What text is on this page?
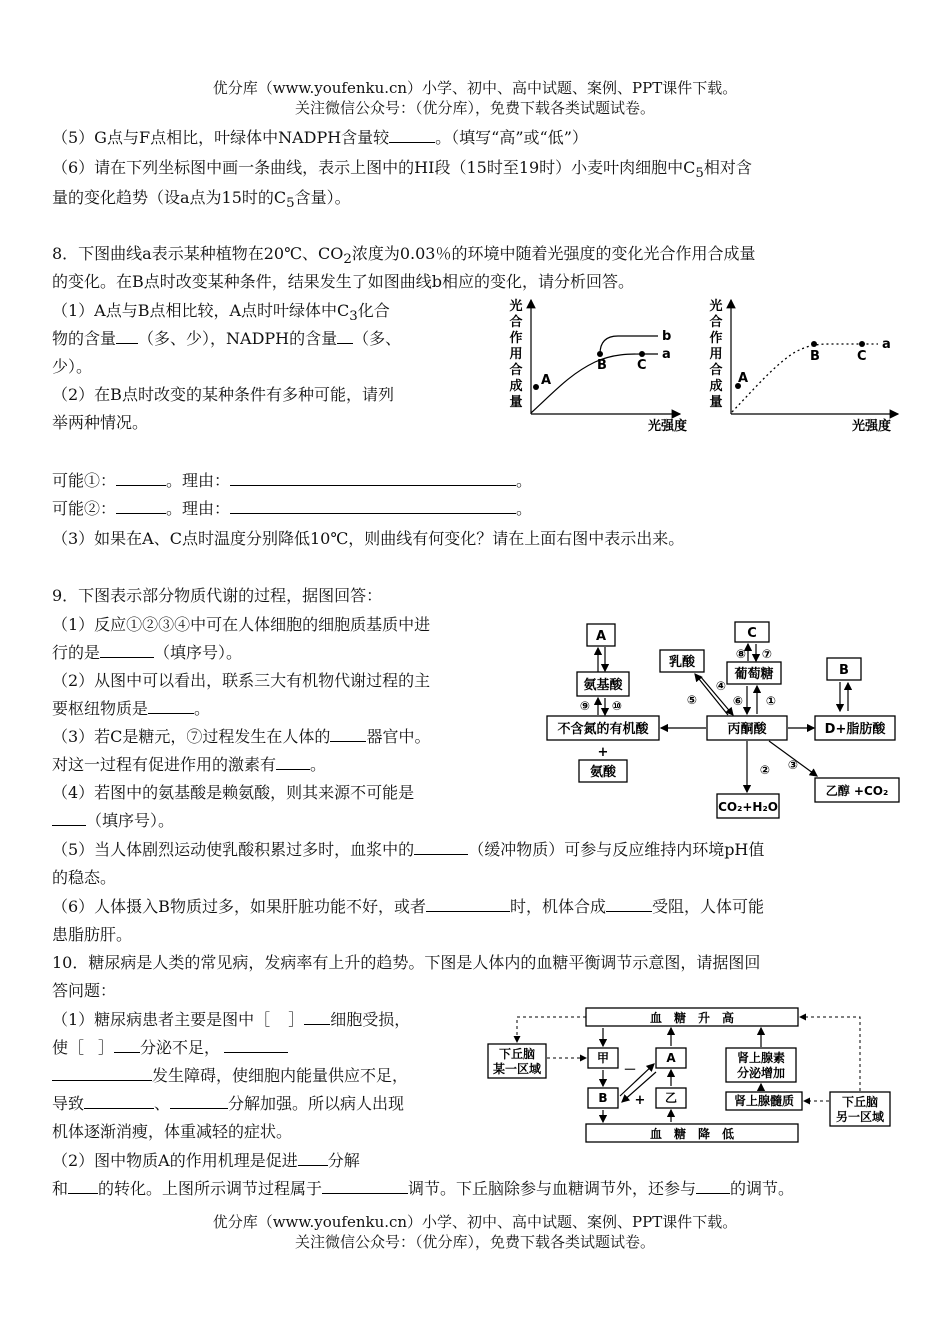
优分库（www.youfenku.cn）小学、初中、高中试题、案例、PPT课件下载。
关注微信公众号：（优分库），免费下载各类试题试卷。
（5）G点与F点相比，叶绿体中NADPH含量较	。（填写“高”或“低”）
（6）请在下列坐标图中画一条曲线，表示上图中的HI段（15时至19时）小麦叶肉细胞中$C_5$相对含
量的变化趋势（设a点为15时的$C_5$含量）。
8．下图曲线a表示某种植物在20℃、$CO_2$浓度为0.03％的环境中随着光强度的变化光合作用合成量
的变化。在B点时改变某种条件，结果发生了如图曲线b相应的变化，请分析回答。
（1）A点与B点相比较，A点时叶绿体中$C_3$化合
物的含量 （多、少），NADPH的含量 （多、
少）。
（2）在B点时改变的某种条件有多种可能，请列
举两种情况。
可能①：	。理由：	。
可能②：	。理由：	。
（3）如果在A、C点时温度分别降低10℃，则曲线有何变化？请在上面右图中表示出来。
光
合
作
用
合
成
量
A
B C
b
a
光强度
光
合
作
用
合
成
量
A
B	C
a
光强度
9．下图表示部分物质代谢的过程，据图回答：
（1）反应①②③④中可在人体细胞的细胞质基质中进
行的是	（填序号）。
（2）从图中可以看出，联系三大有机物代谢过程的主
要枢纽物质是	。
（3）若C是糖元，⑦过程发生在人体的 器官中。
对这一过程有促进作用的激素有 。
（4）若图中的氨基酸是赖氨酸，则其来源不可能是
（填序号）。
（5）当人体剧烈运动使乳酸积累过多时，血浆中的	（缓冲物质）可参与反应维持内环境pH值
的稳态。
（6）人体摄入B物质过多，如果肝脏功能不好，或者	时，机体合成	受阻，人体可能
患脂肪肝。
A
氨基酸
乳酸
C
⑧ ⑦
葡萄糖	B
不含氮的有机酸
⑨ ⑩
+
氨酸
丙酮酸	D+脂肪酸
⑤
④
⑥ ①
② ③
CO₂+H₂O
乙醇 +CO₂
10．糖尿病是人类的常见病，发病率有上升的趋势。下图是人体内的血糖平衡调节示意图，请据图回
答问题：
（1）糖尿病患者主要是图中［ ］ 细胞受损，
使［ ］ 分泌不足，
发生障碍，使细胞内能量供应不足，
导致	、	分解加强。所以病人出现
机体逐渐消瘦，体重减轻的症状。
（2）图中物质A的作用机理是促进 分解
和 的转化。上图所示调节过程属于	调节。下丘脑除参与血糖调节外，还参与 的调节。
血　糖　升　高
血　糖　降　低
下丘脑
某一区域
甲	A
B	乙
肾上腺素
分泌增加
肾上腺髓质	下丘脑
另一区域
－
+
优分库（www.youfenku.cn）小学、初中、高中试题、案例、PPT课件下载。
关注微信公众号：（优分库），免费下载各类试题试卷。
